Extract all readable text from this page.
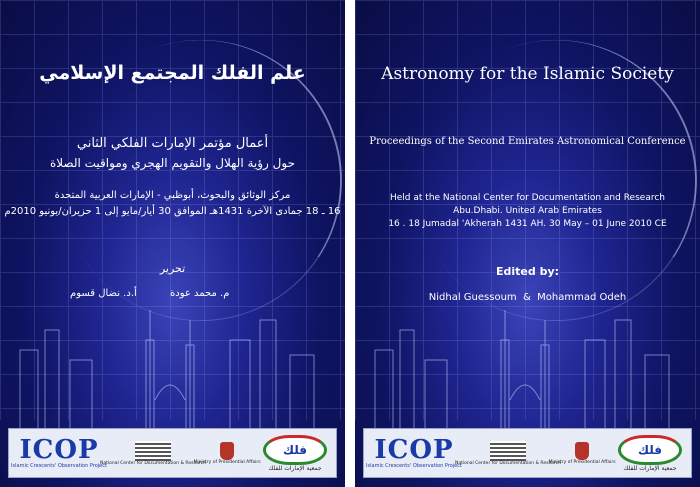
علم الفلك المجتمع الإسلامي
أعمال مؤتمر الإمارات الفلكي الثاني
حول رؤية الهلال والتقويم الهجري ومواقيت الصلاة
مركز الوثائق والبحوث، أبوظبي - الإمارات العربية المتحدة
16 ـ 18 جمادى الآخرة 1431هـ الموافق 30 أيار/مايو إلى 1 حزيران/يونيو 2010م
تحرير
م. محمد عودة
أ.د. نضال قسوم
ICOP
Islamic Crescents' Observation Project
National Center for Documentation & Research
Ministry of Presidential Affairs
فلك
جمعية الإمارات للفلك
Astronomy for the Islamic Society
Proceedings of the Second Emirates Astronomical Conference
Held at the National Center for Documentation and Research
Abu.Dhabi. United Arab Emirates
16 . 18 Jumadal 'Akherah 1431 AH. 30 May – 01 June 2010 CE
Edited by:
Nidhal Guessoum  &  Mohammad Odeh
ICOP
Islamic Crescents' Observation Project
National Center for Documentation & Research
Ministry of Presidential Affairs
فلك
جمعية الإمارات للفلك
